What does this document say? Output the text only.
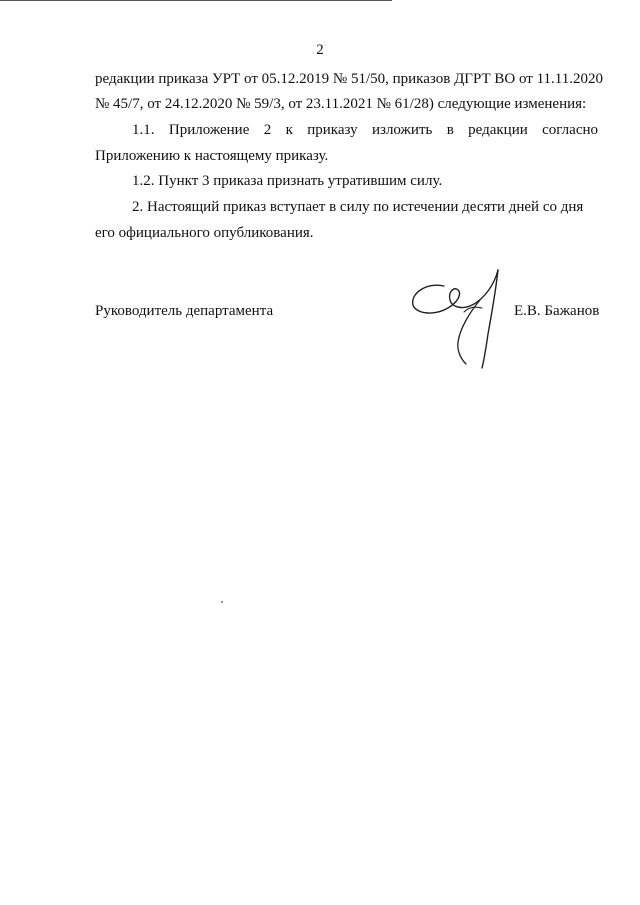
2
редакции приказа УРТ от 05.12.2019 № 51/50, приказов ДГРТ ВО от 11.11.2020
№ 45/7, от 24.12.2020 № 59/3, от 23.11.2021 № 61/28) следующие изменения:
1.1. Приложение 2 к приказу изложить в редакции согласно
Приложению к настоящему приказу.
1.2. Пункт 3 приказа признать утратившим силу.
2. Настоящий приказ вступает в силу по истечении десяти дней со дня
его официального опубликования.
Руководитель департамента	Е.В. Бажанов
